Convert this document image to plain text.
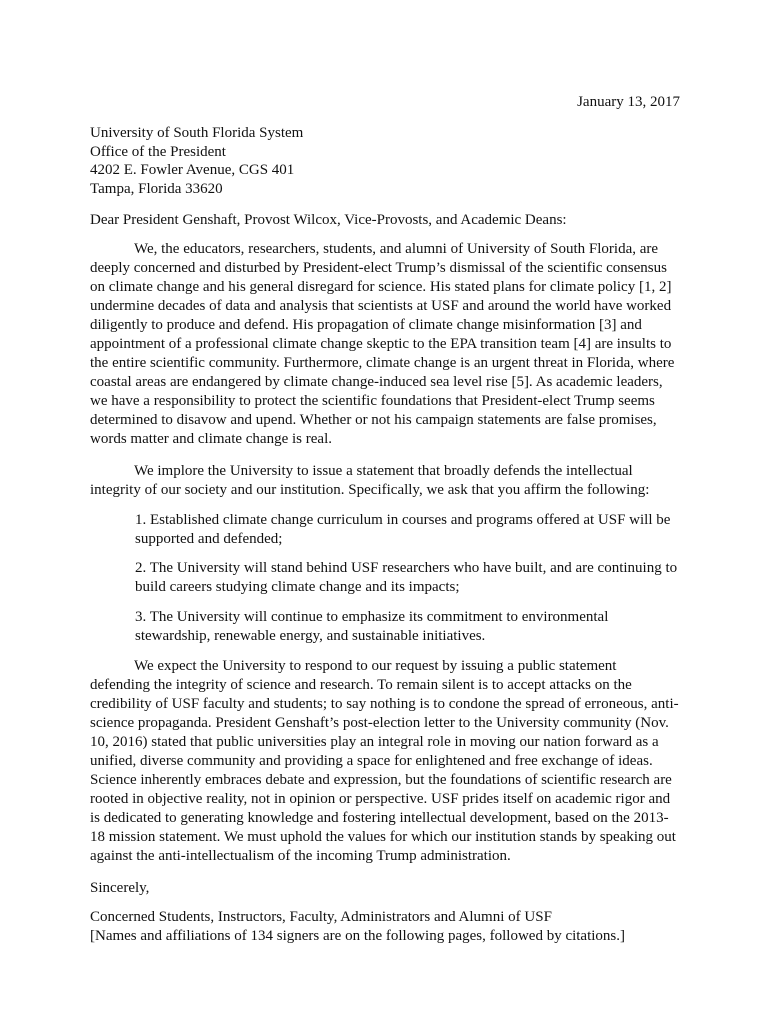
January 13, 2017
University of South Florida System
Office of the President
4202 E. Fowler Avenue, CGS 401
Tampa, Florida 33620
Dear President Genshaft, Provost Wilcox, Vice-Provosts, and Academic Deans:

We, the educators, researchers, students, and alumni of University of South Florida, are deeply concerned and disturbed by President-elect Trump’s dismissal of the scientific consensus on climate change and his general disregard for science. His stated plans for climate policy [1, 2] undermine decades of data and analysis that scientists at USF and around the world have worked diligently to produce and defend. His propagation of climate change misinformation [3] and appointment of a professional climate change skeptic to the EPA transition team [4] are insults to the entire scientific community. Furthermore, climate change is an urgent threat in Florida, where coastal areas are endangered by climate change-induced sea level rise [5]. As academic leaders, we have a responsibility to protect the scientific foundations that President-elect Trump seems determined to disavow and upend. Whether or not his campaign statements are false promises, words matter and climate change is real.

We implore the University to issue a statement that broadly defends the intellectual integrity of our society and our institution. Specifically, we ask that you affirm the following:

1. Established climate change curriculum in courses and programs offered at USF will be supported and defended;

2. The University will stand behind USF researchers who have built, and are continuing to build careers studying climate change and its impacts;

3. The University will continue to emphasize its commitment to environmental stewardship, renewable energy, and sustainable initiatives.

We expect the University to respond to our request by issuing a public statement defending the integrity of science and research. To remain silent is to accept attacks on the credibility of USF faculty and students; to say nothing is to condone the spread of erroneous, anti-science propaganda. President Genshaft’s post-election letter to the University community (Nov. 10, 2016) stated that public universities play an integral role in moving our nation forward as a unified, diverse community and providing a space for enlightened and free exchange of ideas. Science inherently embraces debate and expression, but the foundations of scientific research are rooted in objective reality, not in opinion or perspective. USF prides itself on academic rigor and is dedicated to generating knowledge and fostering intellectual development, based on the 2013-18 mission statement. We must uphold the values for which our institution stands by speaking out against the anti-intellectualism of the incoming Trump administration.

Sincerely,
Concerned Students, Instructors, Faculty, Administrators and Alumni of USF
[Names and affiliations of 134 signers are on the following pages, followed by citations.]
